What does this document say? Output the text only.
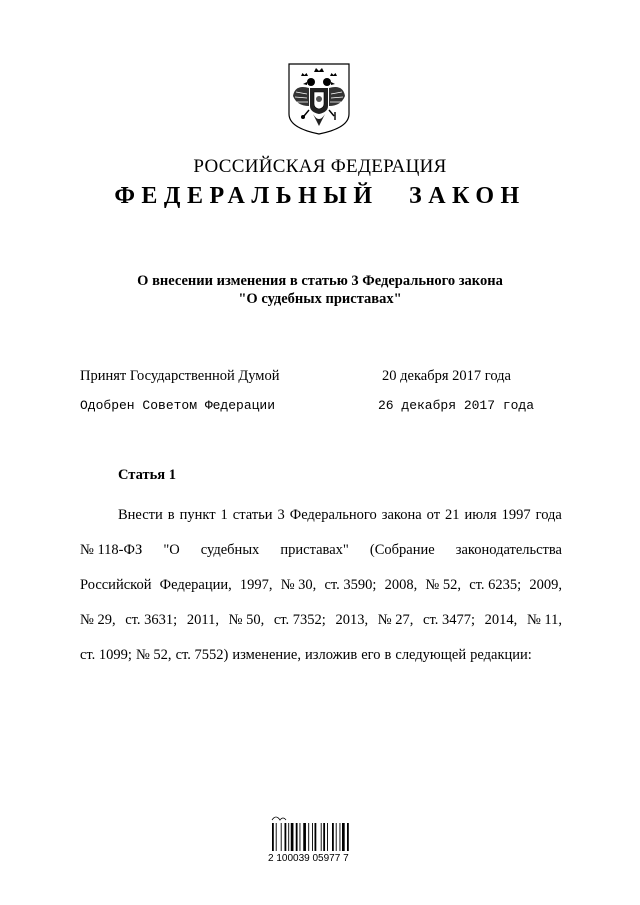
РОССИЙСКАЯ ФЕДЕРАЦИЯ
ФЕДЕРАЛЬНЫЙ ЗАКОН
О внесении изменения в статью 3 Федерального закона
"О судебных приставах"
Принят Государственной Думой	20 декабря 2017 года
Одобрен Советом Федерации	26 декабря 2017 года
Статья 1
Внести в пункт 1 статьи 3 Федерального закона от 21 июля 1997 года
№ 118-ФЗ "О судебных приставах" (Собрание законодательства
Российской Федерации, 1997, № 30, ст. 3590; 2008, № 52, ст. 6235; 2009,
№ 29, ст. 3631; 2011, № 50, ст. 7352; 2013, № 27, ст. 3477; 2014, № 11,
ст. 1099; № 52, ст. 7552) изменение, изложив его в следующей редакции:
2 100039 05977 7
